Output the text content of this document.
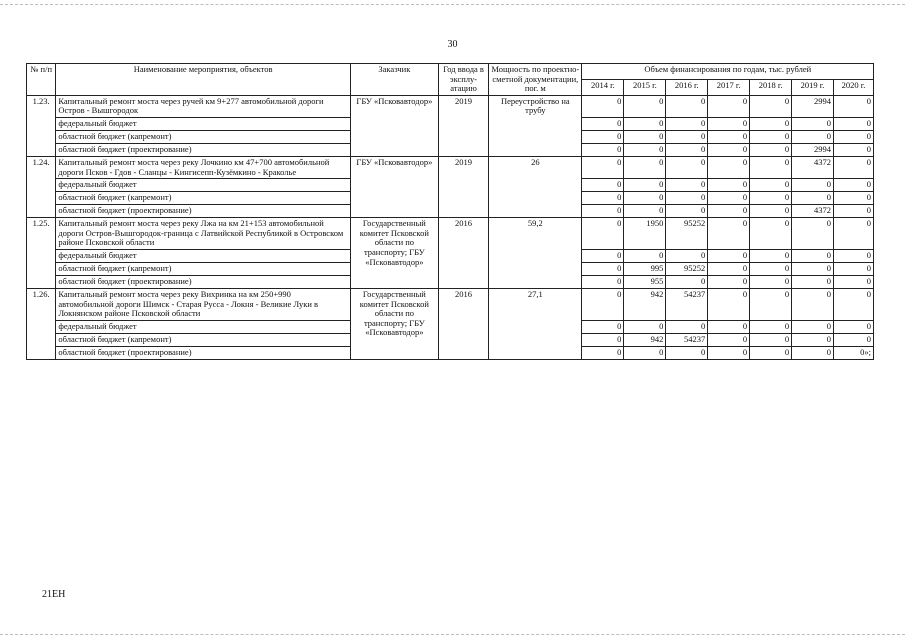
30
№ п/п	Наименование мероприятия, объектов	Заказчик	Год ввода в эксплу-атацию	Мощность по проектно-сметной документации, пог. м	Объем финансирования по годам, тыс. рублей						
					2014 г.	2015 г.	2016 г.	2017 г.	2018 г.	2019 г.	2020 г.
1.23.	Капитальный ремонт моста через ручей км 9+277 автомобильной дороги Остров - Вышгородок	ГБУ «Псковавтодор»	2019	Переустройство на трубу	0	0	0	0	0	2994	0
	федеральный бюджет				0	0	0	0	0	0	0
	областной бюджет (капремонт)				0	0	0	0	0	0	0
	областной бюджет (проектирование)				0	0	0	0	0	2994	0
1.24.	Капитальный ремонт моста через реку Лочкино км 47+700 автомобильной дороги Псков - Гдов - Сланцы - Кингисепп-Кузёмкино - Краколье	ГБУ «Псковавтодор»	2019	26	0	0	0	0	0	4372	0
	федеральный бюджет				0	0	0	0	0	0	0
	областной бюджет (капремонт)				0	0	0	0	0	0	0
	областной бюджет (проектирование)				0	0	0	0	0	4372	0
1.25.	Капитальный ремонт моста через реку Лжа на км 21+153 автомобильной дороги Остров-Вышгородок-граница с Латвийской Республикой в Островском районе Псковской области	Государственный комитет Псковской области по транспорту; ГБУ «Псковавтодор»	2016	59,2	0	1950	95252	0	0	0	0
	федеральный бюджет				0	0	0	0	0	0	0
	областной бюджет (капремонт)				0	995	95252	0	0	0	0
	областной бюджет (проектирование)				0	955	0	0	0	0	0
1.26.	Капитальный ремонт моста через реку Вихринка на км 250+990 автомобильной дороги Шимск - Старая Русса - Локня - Великие Луки в Локнянском районе Псковской области	Государственный комитет Псковской области по транспорту; ГБУ «Псковавтодор»	2016	27,1	0	942	54237	0	0	0	0
	федеральный бюджет				0	0	0	0	0	0	0
	областной бюджет (капремонт)				0	942	54237	0	0	0	0
	областной бюджет (проектирование)				0	0	0	0	0	0	0»;
21ЕН
